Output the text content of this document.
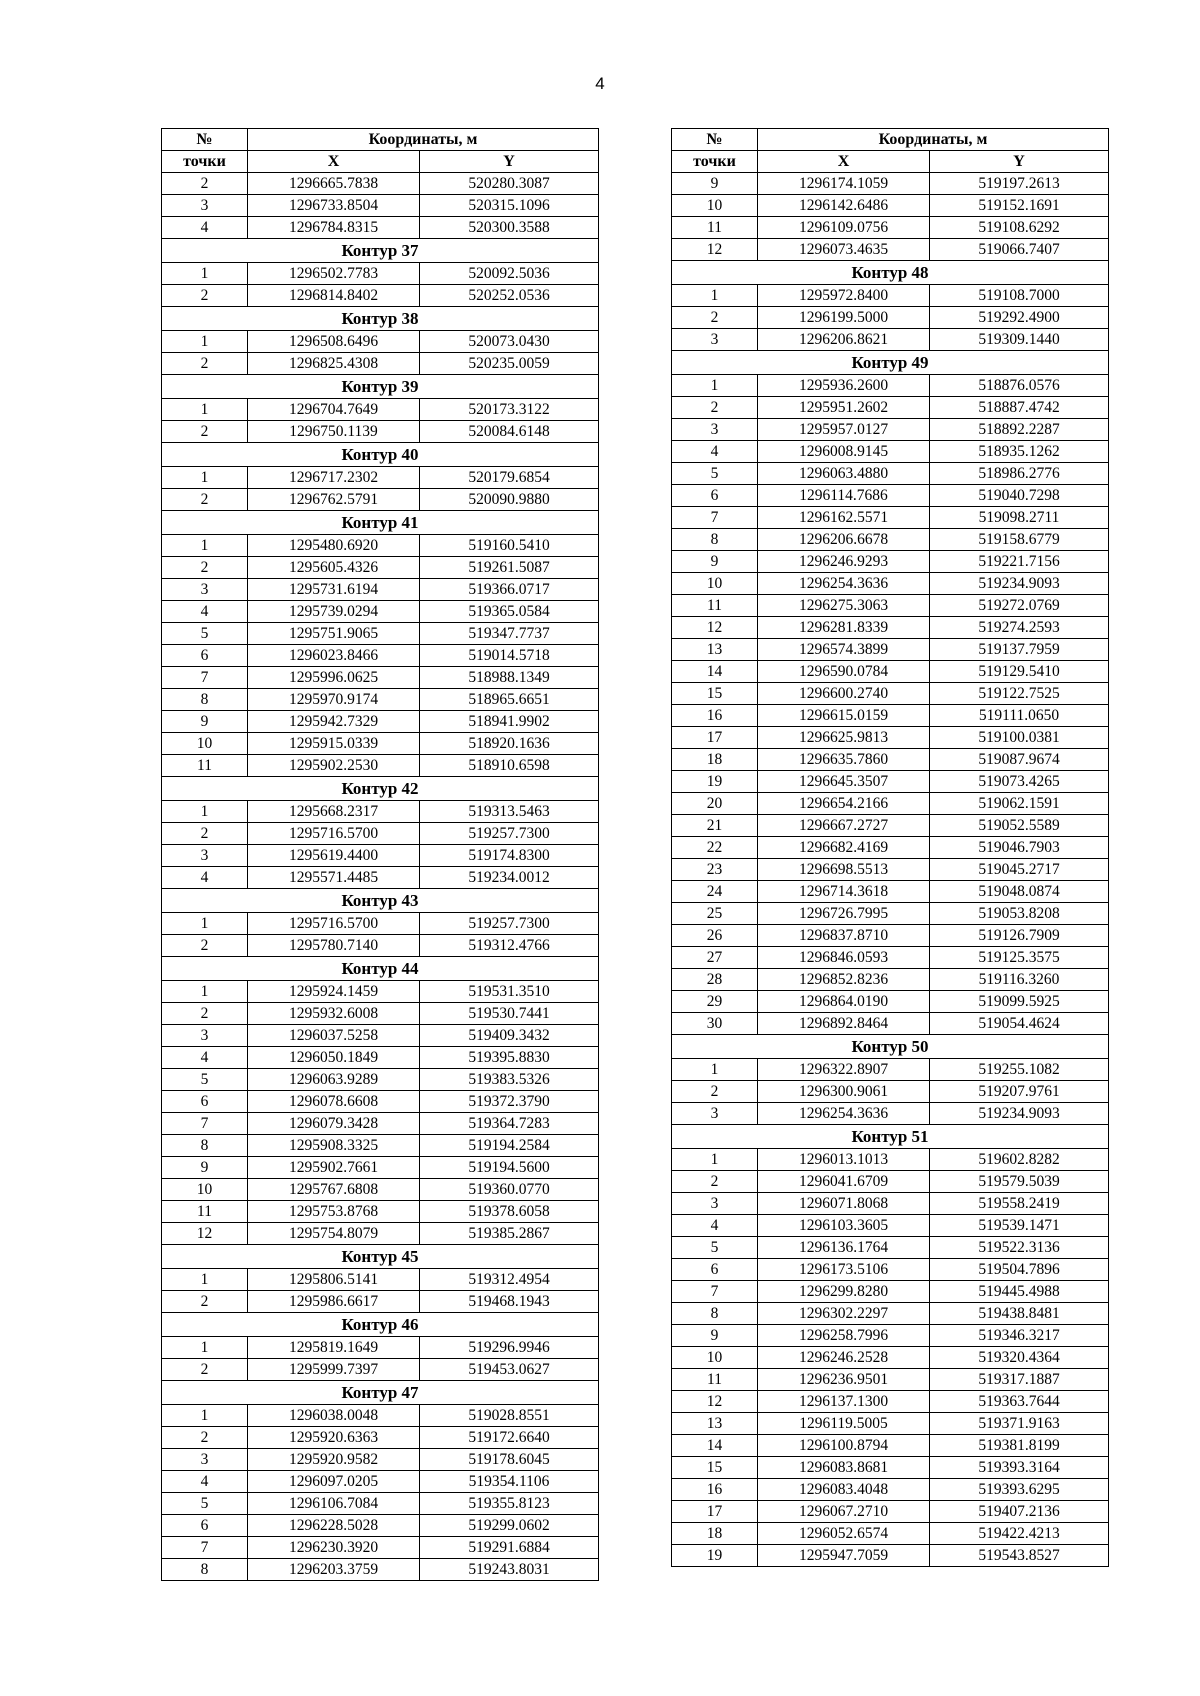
4
№	Координаты, м	
точки	X	Y
2	1296665.7838	520280.3087
3	1296733.8504	520315.1096
4	1296784.8315	520300.3588
Контур 37		
1	1296502.7783	520092.5036
2	1296814.8402	520252.0536
Контур 38		
1	1296508.6496	520073.0430
2	1296825.4308	520235.0059
Контур 39		
1	1296704.7649	520173.3122
2	1296750.1139	520084.6148
Контур 40		
1	1296717.2302	520179.6854
2	1296762.5791	520090.9880
Контур 41		
1	1295480.6920	519160.5410
2	1295605.4326	519261.5087
3	1295731.6194	519366.0717
4	1295739.0294	519365.0584
5	1295751.9065	519347.7737
6	1296023.8466	519014.5718
7	1295996.0625	518988.1349
8	1295970.9174	518965.6651
9	1295942.7329	518941.9902
10	1295915.0339	518920.1636
11	1295902.2530	518910.6598
Контур 42		
1	1295668.2317	519313.5463
2	1295716.5700	519257.7300
3	1295619.4400	519174.8300
4	1295571.4485	519234.0012
Контур 43		
1	1295716.5700	519257.7300
2	1295780.7140	519312.4766
Контур 44		
1	1295924.1459	519531.3510
2	1295932.6008	519530.7441
3	1296037.5258	519409.3432
4	1296050.1849	519395.8830
5	1296063.9289	519383.5326
6	1296078.6608	519372.3790
7	1296079.3428	519364.7283
8	1295908.3325	519194.2584
9	1295902.7661	519194.5600
10	1295767.6808	519360.0770
11	1295753.8768	519378.6058
12	1295754.8079	519385.2867
Контур 45		
1	1295806.5141	519312.4954
2	1295986.6617	519468.1943
Контур 46		
1	1295819.1649	519296.9946
2	1295999.7397	519453.0627
Контур 47		
1	1296038.0048	519028.8551
2	1295920.6363	519172.6640
3	1295920.9582	519178.6045
4	1296097.0205	519354.1106
5	1296106.7084	519355.8123
6	1296228.5028	519299.0602
7	1296230.3920	519291.6884
8	1296203.3759	519243.8031
№	Координаты, м	
точки	X	Y
9	1296174.1059	519197.2613
10	1296142.6486	519152.1691
11	1296109.0756	519108.6292
12	1296073.4635	519066.7407
Контур 48		
1	1295972.8400	519108.7000
2	1296199.5000	519292.4900
3	1296206.8621	519309.1440
Контур 49		
1	1295936.2600	518876.0576
2	1295951.2602	518887.4742
3	1295957.0127	518892.2287
4	1296008.9145	518935.1262
5	1296063.4880	518986.2776
6	1296114.7686	519040.7298
7	1296162.5571	519098.2711
8	1296206.6678	519158.6779
9	1296246.9293	519221.7156
10	1296254.3636	519234.9093
11	1296275.3063	519272.0769
12	1296281.8339	519274.2593
13	1296574.3899	519137.7959
14	1296590.0784	519129.5410
15	1296600.2740	519122.7525
16	1296615.0159	519111.0650
17	1296625.9813	519100.0381
18	1296635.7860	519087.9674
19	1296645.3507	519073.4265
20	1296654.2166	519062.1591
21	1296667.2727	519052.5589
22	1296682.4169	519046.7903
23	1296698.5513	519045.2717
24	1296714.3618	519048.0874
25	1296726.7995	519053.8208
26	1296837.8710	519126.7909
27	1296846.0593	519125.3575
28	1296852.8236	519116.3260
29	1296864.0190	519099.5925
30	1296892.8464	519054.4624
Контур 50		
1	1296322.8907	519255.1082
2	1296300.9061	519207.9761
3	1296254.3636	519234.9093
Контур 51		
1	1296013.1013	519602.8282
2	1296041.6709	519579.5039
3	1296071.8068	519558.2419
4	1296103.3605	519539.1471
5	1296136.1764	519522.3136
6	1296173.5106	519504.7896
7	1296299.8280	519445.4988
8	1296302.2297	519438.8481
9	1296258.7996	519346.3217
10	1296246.2528	519320.4364
11	1296236.9501	519317.1887
12	1296137.1300	519363.7644
13	1296119.5005	519371.9163
14	1296100.8794	519381.8199
15	1296083.8681	519393.3164
16	1296083.4048	519393.6295
17	1296067.2710	519407.2136
18	1296052.6574	519422.4213
19	1295947.7059	519543.8527
